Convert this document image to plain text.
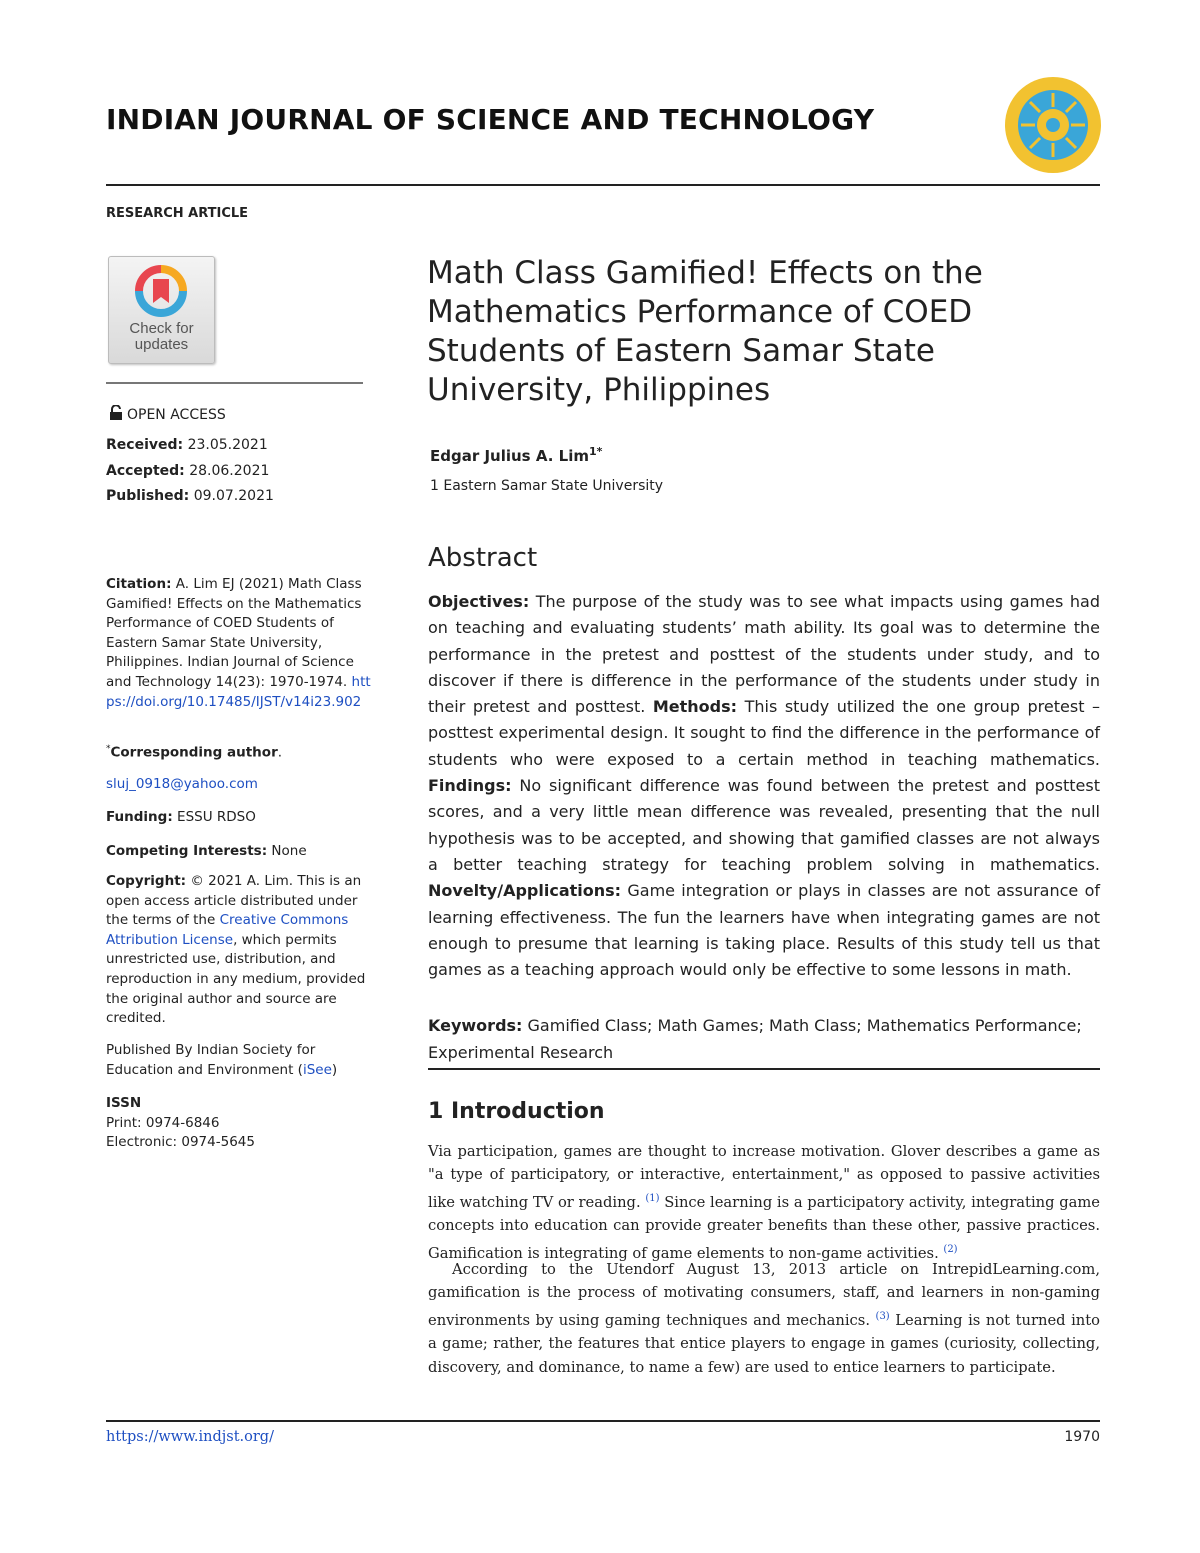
INDIAN JOURNAL OF SCIENCE AND TECHNOLOGY
RESEARCH ARTICLE
Check for
updates
OPEN ACCESS
Received: 23.05.2021
Accepted: 28.06.2021
Published: 09.07.2021
Citation: A. Lim EJ (2021) Math Class Gamified! Effects on the Mathematics Performance of COED Students of Eastern Samar State University, Philippines. Indian Journal of Science and Technology 14(23): 1970-1974. https://doi.org/10.17485/IJST/v14i23.902
*Corresponding author.
sluj_0918@yahoo.com
Funding: ESSU RDSO
Competing Interests: None
Copyright: © 2021 A. Lim. This is an open access article distributed under the terms of the Creative Commons Attribution License, which permits unrestricted use, distribution, and reproduction in any medium, provided the original author and source are credited.
Published By Indian Society for Education and Environment (iSee)
ISSN
Print: 0974-6846
Electronic: 0974-5645
Math Class Gamified! Effects on the Mathematics Performance of COED Students of Eastern Samar State University, Philippines
Edgar Julius A. Lim$^{1*}$
1 Eastern Samar State University
Abstract
Objectives: The purpose of the study was to see what impacts using games had on teaching and evaluating students’ math ability. Its goal was to determine the performance in the pretest and posttest of the students under study, and to discover if there is difference in the performance of the students under study in their pretest and posttest. Methods: This study utilized the one group pretest – posttest experimental design. It sought to find the difference in the performance of students who were exposed to a certain method in teaching mathematics. Findings: No significant difference was found between the pretest and posttest scores, and a very little mean difference was revealed, presenting that the null hypothesis was to be accepted, and showing that gamified classes are not always a better teaching strategy for teaching problem solving in mathematics. Novelty/Applications: Game integration or plays in classes are not assurance of learning effectiveness. The fun the learners have when integrating games are not enough to presume that learning is taking place. Results of this study tell us that games as a teaching approach would only be effective to some lessons in math.
Keywords: Gamified Class; Math Games; Math Class; Mathematics Performance; Experimental Research
1 Introduction
Via participation, games are thought to increase motivation. Glover describes a game as "a type of participatory, or interactive, entertainment," as opposed to passive activities like watching TV or reading. $^{(1)}$ Since learning is a participatory activity, integrating game concepts into education can provide greater benefits than these other, passive practices. Gamification is integrating of game elements to non-game activities. $^{(2)}$
According to the Utendorf August 13, 2013 article on IntrepidLearning.com, gamification is the process of motivating consumers, staff, and learners in non-gaming environments by using gaming techniques and mechanics. $^{(3)}$ Learning is not turned into a game; rather, the features that entice players to engage in games (curiosity, collecting, discovery, and dominance, to name a few) are used to entice learners to participate.
https://www.indjst.org/	1970
